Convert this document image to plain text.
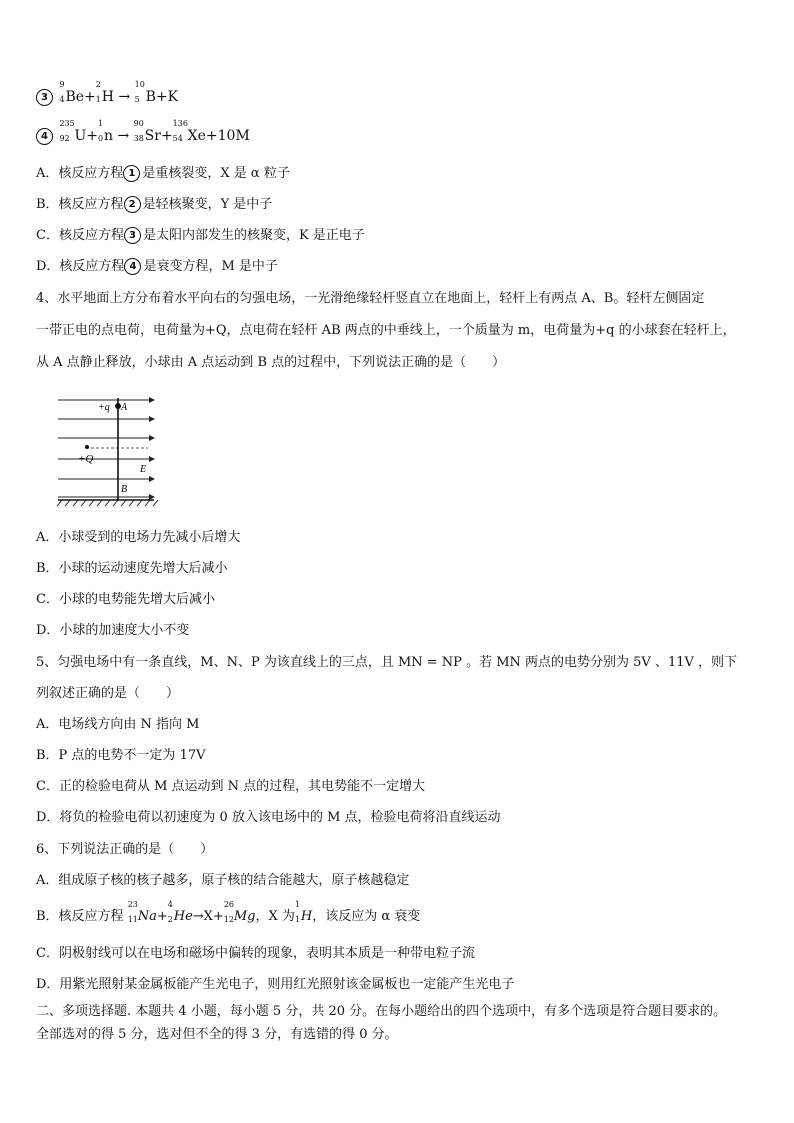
3
9
4 Be+
2
1 H →
10
5 B+K
4
235
92 U+
1
0 n →
90
38 Sr+
136
54 Xe+10M
A．核反应方程 1 是重核裂变，X 是 α 粒子
B．核反应方程 2 是轻核聚变，Y 是中子
C．核反应方程 3 是太阳内部发生的核聚变，K 是正电子
D．核反应方程 4 是衰变方程，M 是中子
4、水平地面上方分布着水平向右的匀强电场，一光滑绝缘轻杆竖直立在地面上，轻杆上有两点 A、B。轻杆左侧固定
一带正电的点电荷，电荷量为+Q，点电荷在轻杆 AB 两点的中垂线上，一个质量为 m，电荷量为+q 的小球套在轻杆上，
从 A 点静止释放，小球由 A 点运动到 B 点的过程中，下列说法正确的是（　　）
+q A
+Q
E
B
A．小球受到的电场力先减小后增大
B．小球的运动速度先增大后减小
C．小球的电势能先增大后减小
D．小球的加速度大小不变
5、匀强电场中有一条直线，M、N、P 为该直线上的三点，且 MN = NP 。若 MN 两点的电势分别为 5V 、11V ，则下
列叙述正确的是（　　）
A．电场线方向由 N 指向 M
B．P 点的电势不一定为 17V
C．正的检验电荷从 M 点运动到 N 点的过程，其电势能不一定增大
D．将负的检验电荷以初速度为 0 放入该电场中的 M 点，检验电荷将沿直线运动
6、下列说法正确的是（　　）
A．组成原子核的核子越多，原子核的结合能越大，原子核越稳定
B．核反应方程
23
11 Na+
4
2 He→X+
26
12 Mg，X 为
1
1 H，该反应为 α 衰变
C．阴极射线可以在电场和磁场中偏转的现象，表明其本质是一种带电粒子流
D．用紫光照射某金属板能产生光电子，则用红光照射该金属板也一定能产生光电子
二、多项选择题. 本题共 4 小题，每小题 5 分，共 20 分。在每小题给出的四个选项中，有多个选项是符合题目要求的。
全部选对的得 5 分，选对但不全的得 3 分，有选错的得 0 分。
